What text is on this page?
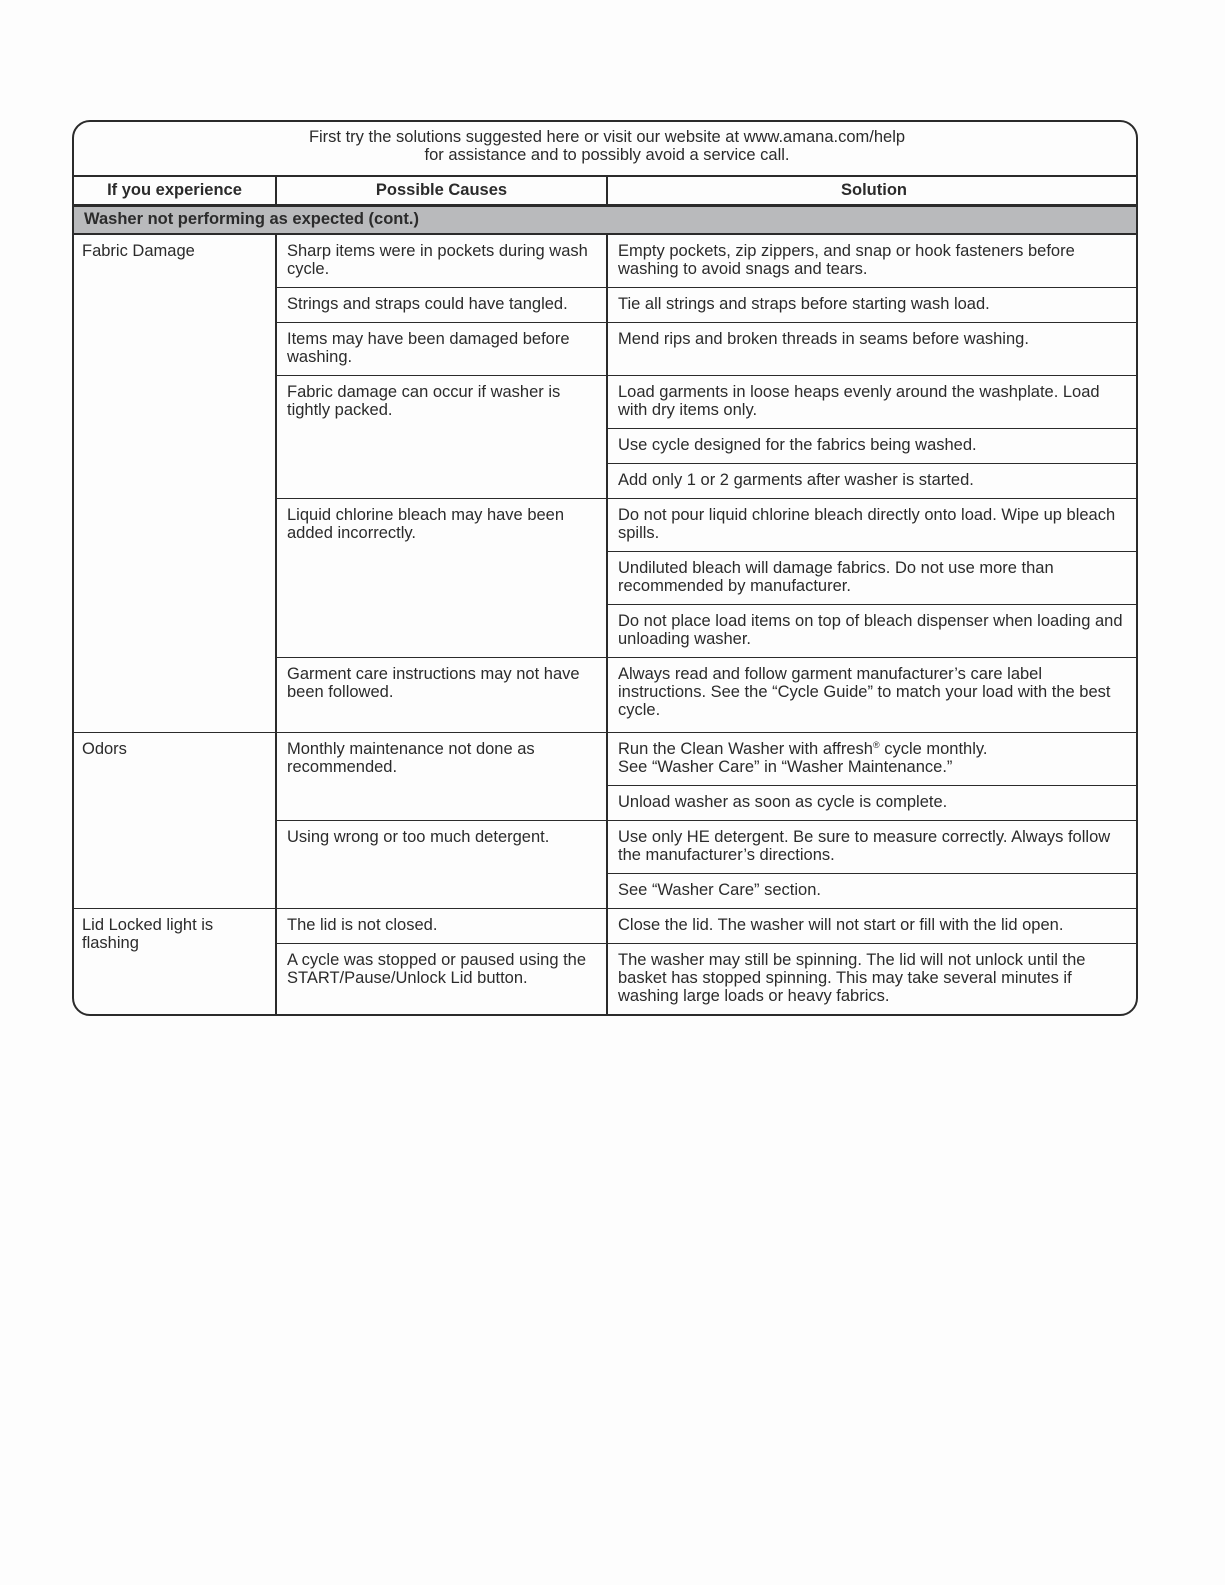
First try the solutions suggested here or visit our website at www.amana.com/help
for assistance and to possibly avoid a service call.		

If you experience	Possible Causes	Solution
Washer not performing as expected (cont.)		
Fabric Damage	Sharp items were in pockets during wash cycle.	Empty pockets, zip zippers, and snap or hook fasteners before washing to avoid snags and tears.
	Strings and straps could have tangled.	Tie all strings and straps before starting wash load.
	Items may have been damaged before washing.	Mend rips and broken threads in seams before washing.
	Fabric damage can occur if washer is tightly packed.	Load garments in loose heaps evenly around the washplate. Load with dry items only.
		Use cycle designed for the fabrics being washed.
		Add only 1 or 2 garments after washer is started.
	Liquid chlorine bleach may have been added incorrectly.	Do not pour liquid chlorine bleach directly onto load. Wipe up bleach spills.
		Undiluted bleach will damage fabrics. Do not use more than recommended by manufacturer.
		Do not place load items on top of bleach dispenser when loading and unloading washer.
	Garment care instructions may not have been followed.	Always read and follow garment manufacturer’s care label instructions. See the “Cycle Guide” to match your load with the best cycle.
Odors	Monthly maintenance not done as recommended.	Run the Clean Washer with affresh® cycle monthly.
See “Washer Care” in “Washer Maintenance.”

		Unload washer as soon as cycle is complete.
	Using wrong or too much detergent.	Use only HE detergent. Be sure to measure correctly. Always follow the manufacturer’s directions.
		See “Washer Care” section.
Lid Locked light is flashing	The lid is not closed.	Close the lid. The washer will not start or fill with the lid open.
	A cycle was stopped or paused using the START/Pause/Unlock Lid button.	The washer may still be spinning. The lid will not unlock until the basket has stopped spinning. This may take several minutes if washing large loads or heavy fabrics.
